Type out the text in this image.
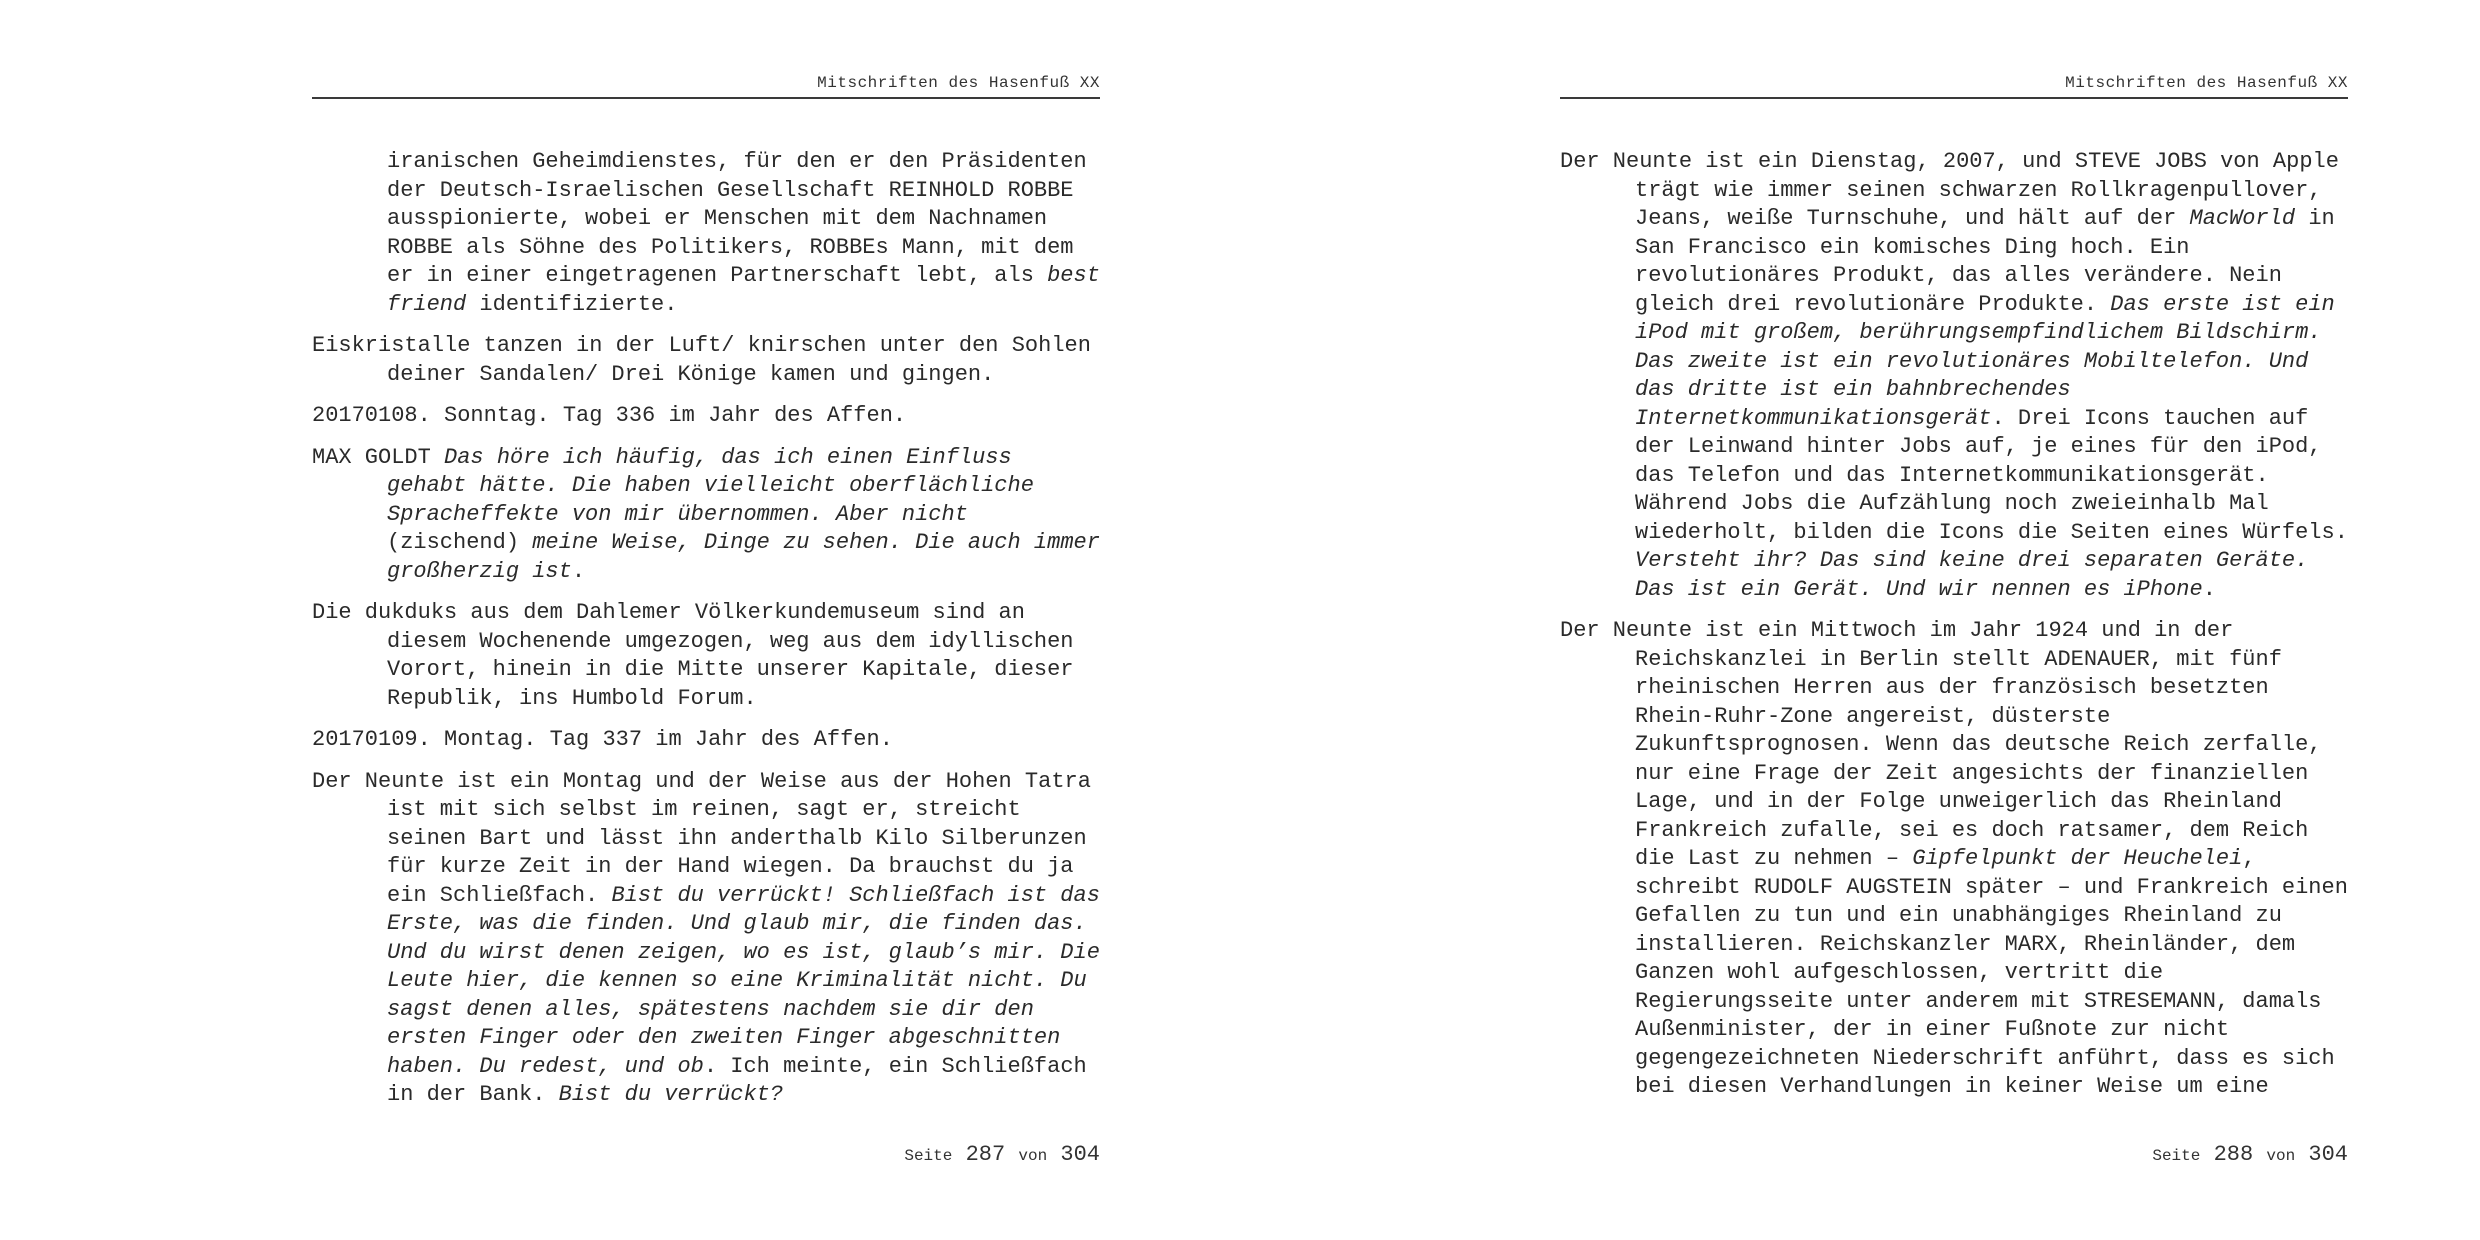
Mitschriften des Hasenfuß XX

iranischen Geheimdienstes, für den er den Präsidenten der Deutsch-Israelischen Gesellschaft REINHOLD ROBBE ausspionierte, wobei er Menschen mit dem Nachnamen ROBBE als Söhne des Politikers, ROBBEs Mann, mit dem er in einer eingetragenen Partnerschaft lebt, als best friend identifizierte.

Eiskristalle tanzen in der Luft/ knirschen unter den Sohlen deiner Sandalen/ Drei Könige kamen und gingen.

20170108. Sonntag. Tag 336 im Jahr des Affen.

MAX GOLDT Das höre ich häufig, das ich einen Einfluss gehabt hätte. Die haben vielleicht oberflächliche Spracheffekte von mir übernommen. Aber nicht (zischend) meine Weise, Dinge zu sehen. Die auch immer großherzig ist.

Die dukduks aus dem Dahlemer Völkerkundemuseum sind an diesem Wochenende umgezogen, weg aus dem idyllischen Vorort, hinein in die Mitte unserer Kapitale, dieser Republik, ins Humbold Forum.

20170109. Montag. Tag 337 im Jahr des Affen.

Der Neunte ist ein Montag und der Weise aus der Hohen Tatra ist mit sich selbst im reinen, sagt er, streicht seinen Bart und lässt ihn anderthalb Kilo Silberunzen für kurze Zeit in der Hand wiegen. Da brauchst du ja ein Schließfach. Bist du verrückt! Schließfach ist das Erste, was die finden. Und glaub mir, die finden das. Und du wirst denen zeigen, wo es ist, glaub’s mir. Die Leute hier, die kennen so eine Kriminalität nicht. Du sagst denen alles, spätestens nachdem sie dir den ersten Finger oder den zweiten Finger abgeschnitten haben. Du redest, und ob. Ich meinte, ein Schließfach in der Bank. Bist du verrückt?

Seite 287 von 304
Mitschriften des Hasenfuß XX

Der Neunte ist ein Dienstag, 2007, und STEVE JOBS von Apple trägt wie immer seinen schwarzen Rollkragenpullover, Jeans, weiße Turnschuhe, und hält auf der MacWorld in San Francisco ein komisches Ding hoch. Ein revolutionäres Produkt, das alles verändere. Nein gleich drei revolutionäre Produkte. Das erste ist ein iPod mit großem, berührungsempfindlichem Bildschirm. Das zweite ist ein revolutionäres Mobiltelefon. Und das dritte ist ein bahnbrechendes Internetkommunikationsgerät. Drei Icons tauchen auf der Leinwand hinter Jobs auf, je eines für den iPod, das Telefon und das Internetkommunikationsgerät. Während Jobs die Aufzählung noch zweieinhalb Mal wiederholt, bilden die Icons die Seiten eines Würfels. Versteht ihr? Das sind keine drei separaten Geräte. Das ist ein Gerät. Und wir nennen es iPhone.

Der Neunte ist ein Mittwoch im Jahr 1924 und in der Reichskanzlei in Berlin stellt ADENAUER, mit fünf rheinischen Herren aus der französisch besetzten Rhein-Ruhr-Zone angereist, düsterste Zukunftsprognosen. Wenn das deutsche Reich zerfalle, nur eine Frage der Zeit angesichts der finanziellen Lage, und in der Folge unweigerlich das Rheinland Frankreich zufalle, sei es doch ratsamer, dem Reich die Last zu nehmen – Gipfelpunkt der Heuchelei, schreibt RUDOLF AUGSTEIN später – und Frankreich einen Gefallen zu tun und ein unabhängiges Rheinland zu installieren. Reichskanzler MARX, Rheinländer, dem Ganzen wohl aufgeschlossen, vertritt die Regierungsseite unter anderem mit STRESEMANN, damals Außenminister, der in einer Fußnote zur nicht gegengezeichneten Niederschrift anführt, dass es sich bei diesen Verhandlungen in keiner Weise um eine

Seite 288 von 304
